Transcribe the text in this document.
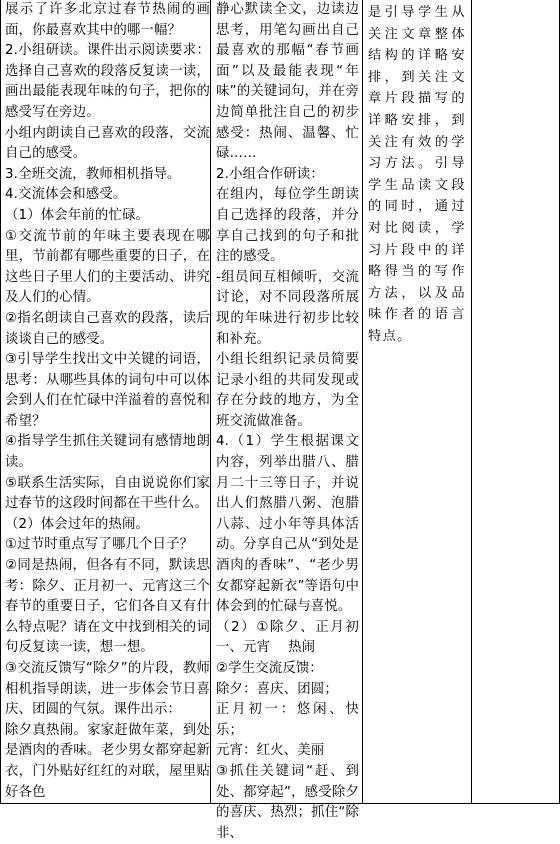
展示了许多北京过春节热闹的画面，你最喜欢其中的哪一幅？

2.小组研读。课件出示阅读要求：选择自己喜欢的段落反复读一读，画出最能表现年味的句子，把你的感受写在旁边。

小组内朗读自己喜欢的段落，交流自己的感受。

3.全班交流，教师相机指导。

4.交流体会和感受。

（1）体会年前的忙碌。

①交流节前的年味主要表现在哪里，节前都有哪些重要的日子，在这些日子里人们的主要活动、讲究及人们的心情。

②指名朗读自己喜欢的段落，读后谈谈自己的感受。

③引导学生找出文中关键的词语，思考：从哪些具体的词句中可以体会到人们在忙碌中洋溢着的喜悦和希望？

④指导学生抓住关键词有感情地朗读。

⑤联系生活实际，自由说说你们家过春节的这段时间都在干些什么。

（2）体会过年的热闹。

①过节时重点写了哪几个日子？

②同是热闹，但各有不同，默读思考：除夕、正月初一、元宵这三个春节的重要日子，它们各自又有什么特点呢？请在文中找到相关的词句反复读一读，想一想。

③交流反馈写“除夕”的片段，教师相机指导朗读，进一步体会节日喜庆、团圆的气氛。课件出示：

除夕真热闹。家家赶做年菜，到处是酒肉的香味。老少男女都穿起新衣，门外贴好红红的对联，屋里贴好各色

静心默读全文，边读边思考，用笔勾画出自己最喜欢的那幅“春节画面”以及最能表现“年味”的关键词句，并在旁边简单批注自己的初步感受：热闹、温馨、忙碌……

2.小组合作研读：

在组内，每位学生朗读自己选择的段落，并分享自己找到的句子和批注的感受。

-组员间互相倾听，交流讨论，对不同段落所展现的年味进行初步比较和补充。

小组长组织记录员简要记录小组的共同发现或存在分歧的地方，为全班交流做准备。

4.（1）学生根据课文内容，列举出腊八、腊月二十三等日子，并说出人们熬腊八粥、泡腊八蒜、过小年等具体活动。分享自己从“到处是酒肉的香味”、“老少男女都穿起新衣”等语句中体会到的忙碌与喜悦。

（2）①除夕、正月初一、元宵　 热闹

②学生交流反馈：

除夕：喜庆、团圆；

正月初一：悠闲、快乐；

元宵：红火、美丽

③抓住关键词“赶、到处、都穿起”，感受除夕的喜庆、热烈；抓住“除非、

是引导学生从关注文章整体结构的详略安排，到关注文章片段描写的详略安排，到关注有效的学习方法。引导学生品读文段的同时，通过对比阅读，学习片段中的详略得当的写作方法，以及品味作者的语言特点。
